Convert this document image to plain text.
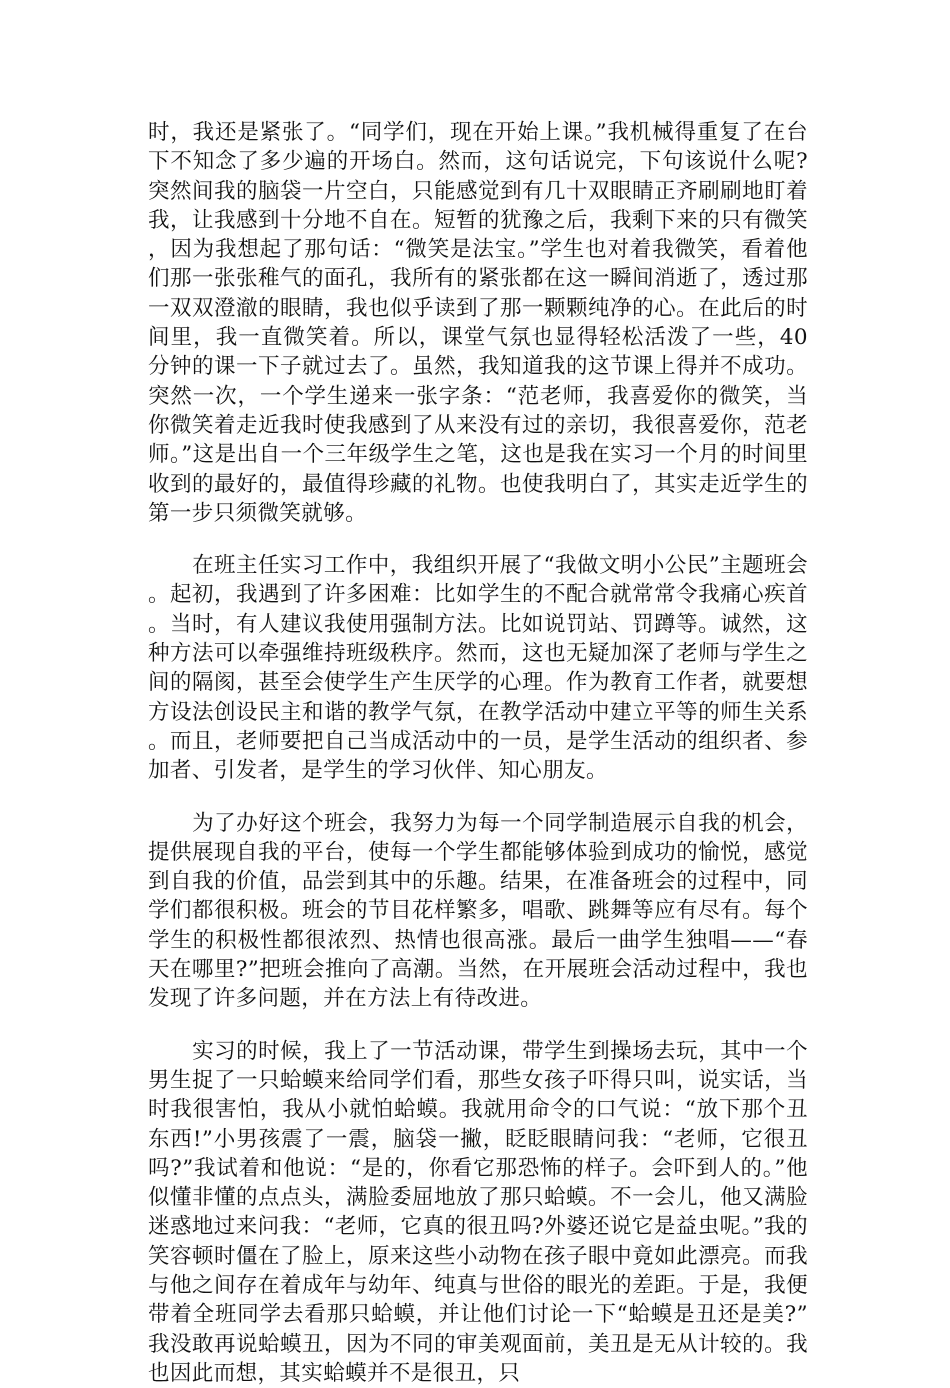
时，我还是紧张了。“同学们，现在开始上课。”我机械得重复了在台下不知念了多少遍的开场白。然而，这句话说完，下句该说什么呢?突然间我的脑袋一片空白，只能感觉到有几十双眼睛正齐刷刷地盯着我，让我感到十分地不自在。短暂的犹豫之后，我剩下来的只有微笑，因为我想起了那句话：“微笑是法宝。”学生也对着我微笑，看着他们那一张张稚气的面孔，我所有的紧张都在这一瞬间消逝了，透过那一双双澄澈的眼睛，我也似乎读到了那一颗颗纯净的心。在此后的时间里，我一直微笑着。所以，课堂气氛也显得轻松活泼了一些，40分钟的课一下子就过去了。虽然，我知道我的这节课上得并不成功。突然一次，一个学生递来一张字条：“范老师，我喜爱你的微笑，当你微笑着走近我时使我感到了从来没有过的亲切，我很喜爱你，范老师。”这是出自一个三年级学生之笔，这也是我在实习一个月的时间里收到的最好的，最值得珍藏的礼物。也使我明白了，其实走近学生的第一步只须微笑就够。

在班主任实习工作中，我组织开展了“我做文明小公民”主题班会。起初，我遇到了许多困难：比如学生的不配合就常常令我痛心疾首。当时，有人建议我使用强制方法。比如说罚站、罚蹲等。诚然，这种方法可以牵强维持班级秩序。然而，这也无疑加深了老师与学生之间的隔阂，甚至会使学生产生厌学的心理。作为教育工作者，就要想方设法创设民主和谐的教学气氛，在教学活动中建立平等的师生关系。而且，老师要把自己当成活动中的一员，是学生活动的组织者、参加者、引发者，是学生的学习伙伴、知心朋友。

为了办好这个班会，我努力为每一个同学制造展示自我的机会，提供展现自我的平台，使每一个学生都能够体验到成功的愉悦，感觉到自我的价值，品尝到其中的乐趣。结果，在准备班会的过程中，同学们都很积极。班会的节目花样繁多，唱歌、跳舞等应有尽有。每个学生的积极性都很浓烈、热情也很高涨。最后一曲学生独唱——“春天在哪里?”把班会推向了高潮。当然，在开展班会活动过程中，我也发现了许多问题，并在方法上有待改进。

实习的时候，我上了一节活动课，带学生到操场去玩，其中一个男生捉了一只蛤蟆来给同学们看，那些女孩子吓得只叫，说实话，当时我很害怕，我从小就怕蛤蟆。我就用命令的口气说：“放下那个丑东西!”小男孩震了一震，脑袋一撇，眨眨眼睛问我：“老师，它很丑吗?”我试着和他说：“是的，你看它那恐怖的样子。会吓到人的。”他似懂非懂的点点头，满脸委屈地放了那只蛤蟆。不一会儿，他又满脸迷惑地过来问我：“老师，它真的很丑吗?外婆还说它是益虫呢。”我的笑容顿时僵在了脸上，原来这些小动物在孩子眼中竟如此漂亮。而我与他之间存在着成年与幼年、纯真与世俗的眼光的差距。于是，我便带着全班同学去看那只蛤蟆，并让他们讨论一下“蛤蟆是丑还是美?”我没敢再说蛤蟆丑，因为不同的审美观面前，美丑是无从计较的。我也因此而想，其实蛤蟆并不是很丑，只
